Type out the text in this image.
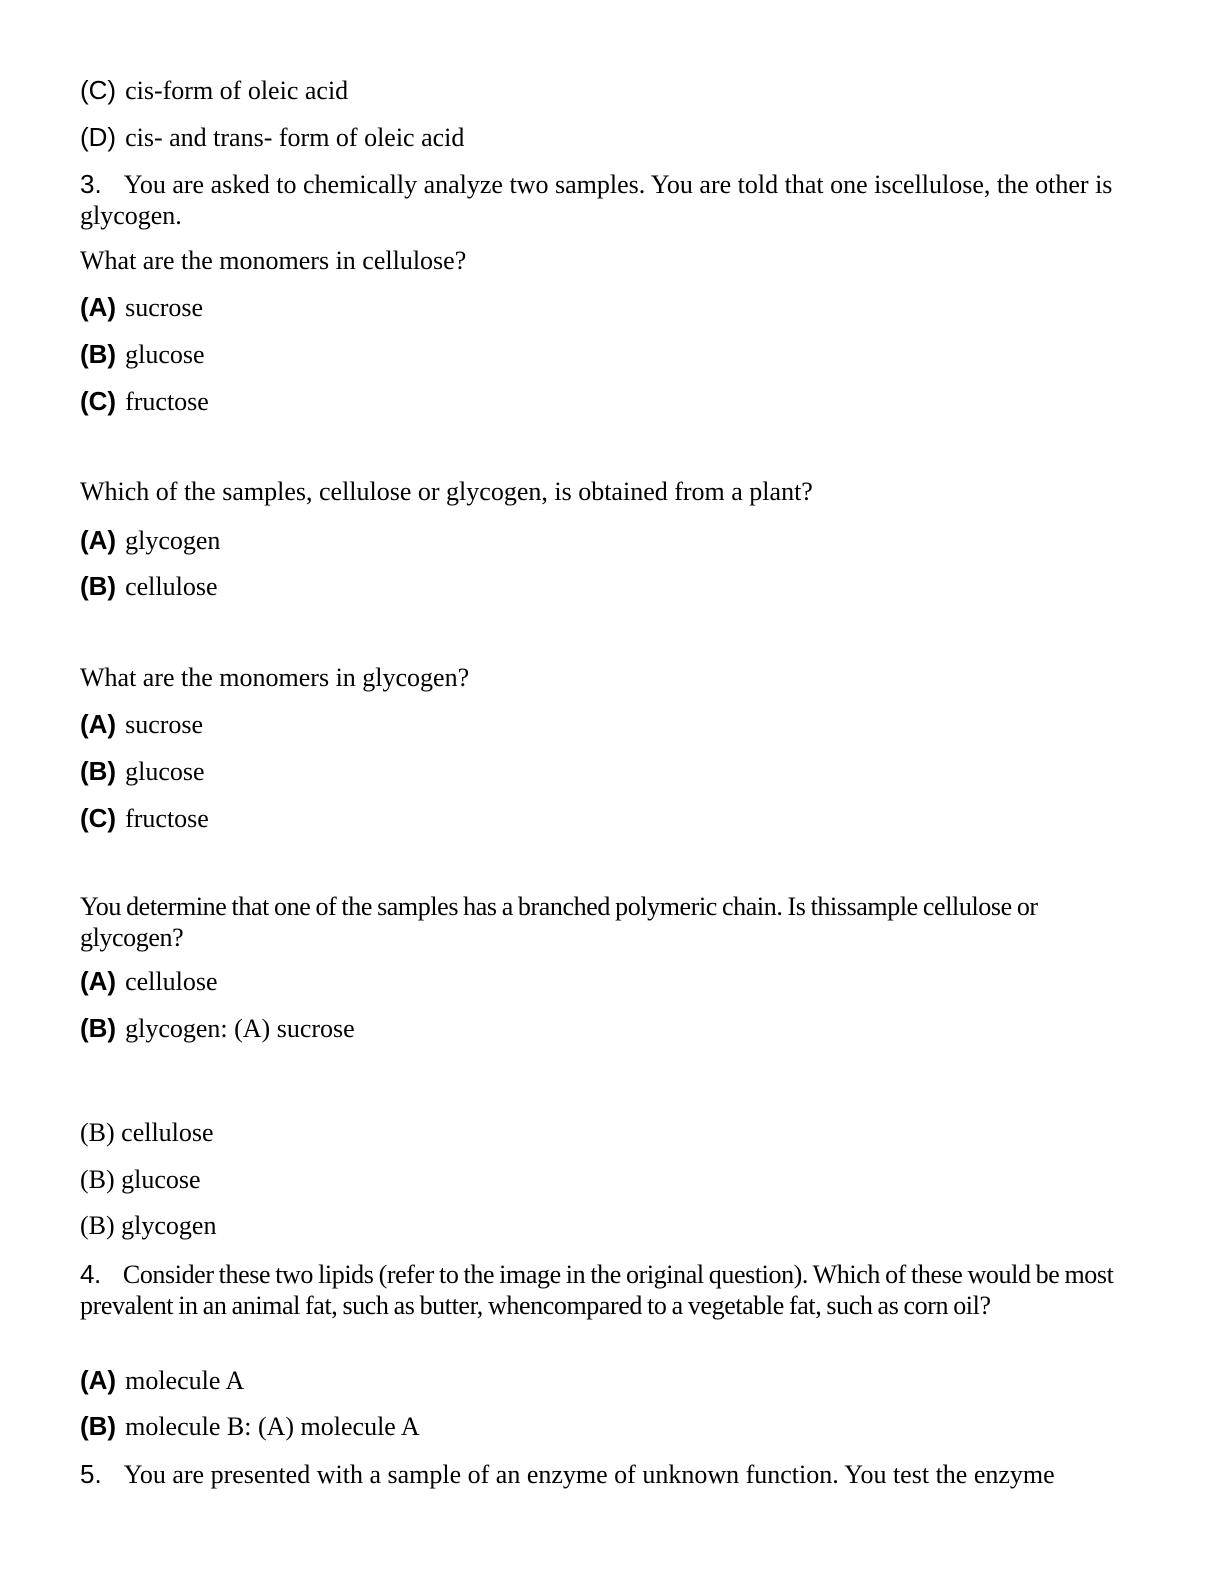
(C) cis-form of oleic acid
(D) cis- and trans- form of oleic acid
3. You are asked to chemically analyze two samples. You are told that one iscellulose, the other is glycogen.
What are the monomers in cellulose?
(A) sucrose
(B) glucose
(C) fructose
Which of the samples, cellulose or glycogen, is obtained from a plant?
(A) glycogen
(B) cellulose
What are the monomers in glycogen?
(A) sucrose
(B) glucose
(C) fructose
You determine that one of the samples has a branched polymeric chain. Is thissample cellulose or glycogen?
(A) cellulose
(B) glycogen: (A) sucrose
(B) cellulose
(B) glucose
(B) glycogen
4. Consider these two lipids (refer to the image in the original question). Which of these would be most prevalent in an animal fat, such as butter, whencompared to a vegetable fat, such as corn oil?
(A) molecule A
(B) molecule B: (A) molecule A
5. You are presented with a sample of an enzyme of unknown function. You test the enzyme
